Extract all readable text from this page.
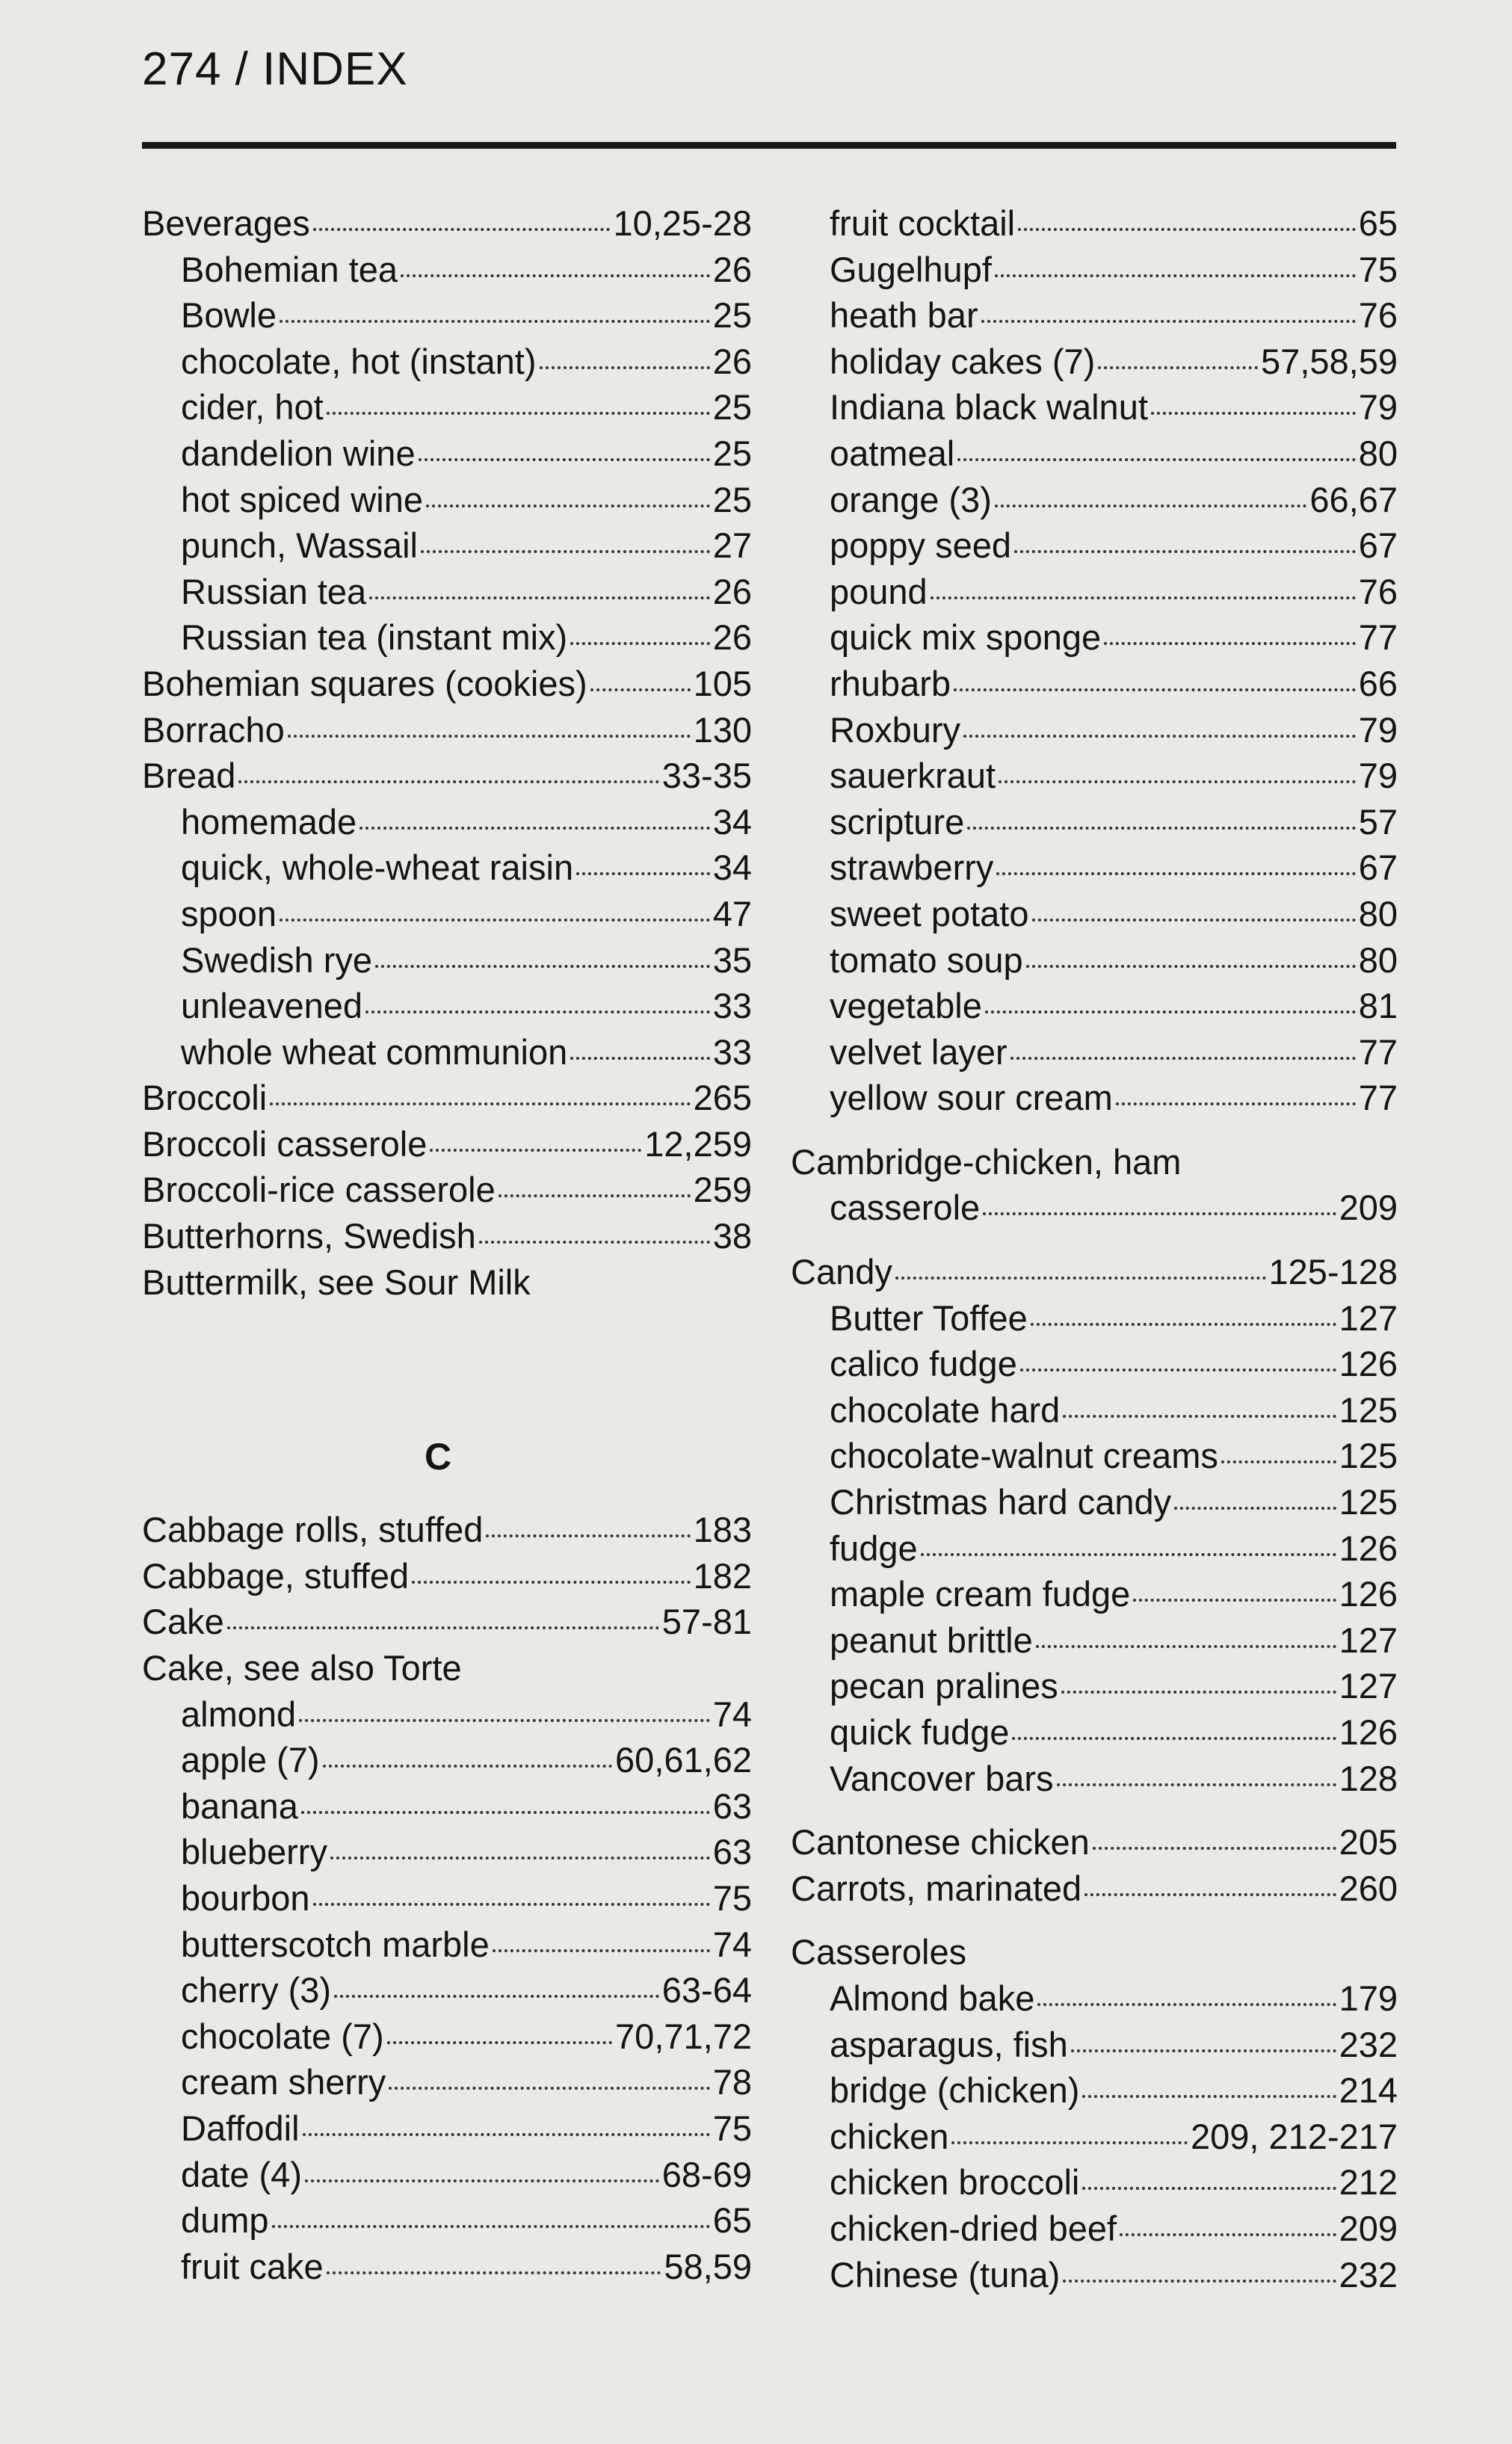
274 / INDEX
Beverages	10,25-28
Bohemian tea	26
Bowle	25
chocolate, hot (instant)	26
cider, hot	25
dandelion wine	25
hot spiced wine	25
punch, Wassail	27
Russian tea	26
Russian tea (instant mix)	26
Bohemian squares (cookies)	105
Borracho	130
Bread	33-35
homemade	34
quick, whole-wheat raisin	34
spoon	47
Swedish rye	35
unleavened	33
whole wheat communion	33
Broccoli	265
Broccoli casserole	12,259
Broccoli-rice casserole	259
Butterhorns, Swedish	38
Buttermilk, see Sour Milk
Cabbage rolls, stuffed	183
Cabbage, stuffed	182
Cake	57-81
Cake, see also Torte
almond	74
apple (7)	60,61,62
banana	63
blueberry	63
bourbon	75
butterscotch marble	74
cherry (3)	63-64
chocolate (7)	70,71,72
cream sherry	78
Daffodil	75
date (4)	68-69
dump	65
fruit cake	58,59
C
fruit cocktail	65
Gugelhupf	75
heath bar	76
holiday cakes (7)	57,58,59
Indiana black walnut	79
oatmeal	80
orange (3)	66,67
poppy seed	67
pound	76
quick mix sponge	77
rhubarb	66
Roxbury	79
sauerkraut	79
scripture	57
strawberry	67
sweet potato	80
tomato soup	80
vegetable	81
velvet layer	77
yellow sour cream	77
Cambridge-chicken, ham
casserole	209
Candy	125-128
Butter Toffee	127
calico fudge	126
chocolate hard	125
chocolate-walnut creams	125
Christmas hard candy	125
fudge	126
maple cream fudge	126
peanut brittle	127
pecan pralines	127
quick fudge	126
Vancover bars	128
Cantonese chicken	205
Carrots, marinated	260
Casseroles
Almond bake	179
asparagus, fish	232
bridge (chicken)	214
chicken	209, 212-217
chicken broccoli	212
chicken-dried beef	209
Chinese (tuna)	232
